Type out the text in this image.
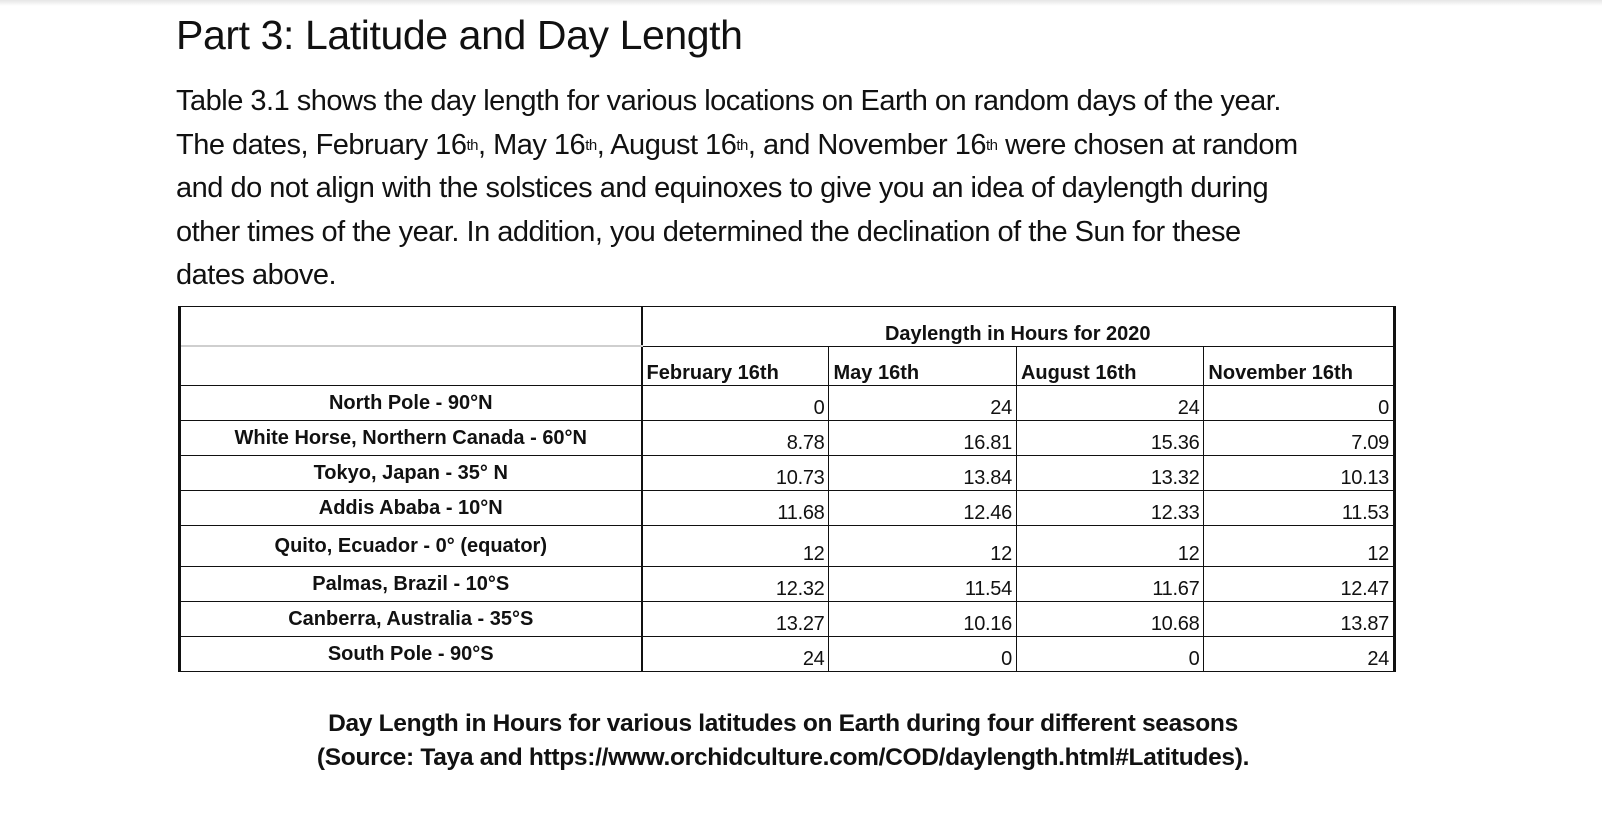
Part 3: Latitude and Day Length

Table 3.1 shows the day length for various locations on Earth on random days of the year.
The dates, February 16th, May 16th, August 16th, and November 16th were chosen at random
and do not align with the solstices and equinoxes to give you an idea of daylength during
other times of the year. In addition, you determined the declination of the Sun for these
dates above.

	Daylength in Hours for 2020			
	February 16th	May 16th	August 16th	November 16th
North Pole - 90°N	0	24	24	0
White Horse, Northern Canada - 60°N	8.78	16.81	15.36	7.09
Tokyo, Japan - 35° N	10.73	13.84	13.32	10.13
Addis Ababa - 10°N	11.68	12.46	12.33	11.53
Quito, Ecuador - 0° (equator)	12	12	12	12
Palmas, Brazil - 10°S	12.32	11.54	11.67	12.47
Canberra, Australia - 35°S	13.27	10.16	10.68	13.87
South Pole - 90°S	24	0	0	24

Day Length in Hours for various latitudes on Earth during four different seasons

(Source: Taya and https://www.orchidculture.com/COD/daylength.html#Latitudes).
